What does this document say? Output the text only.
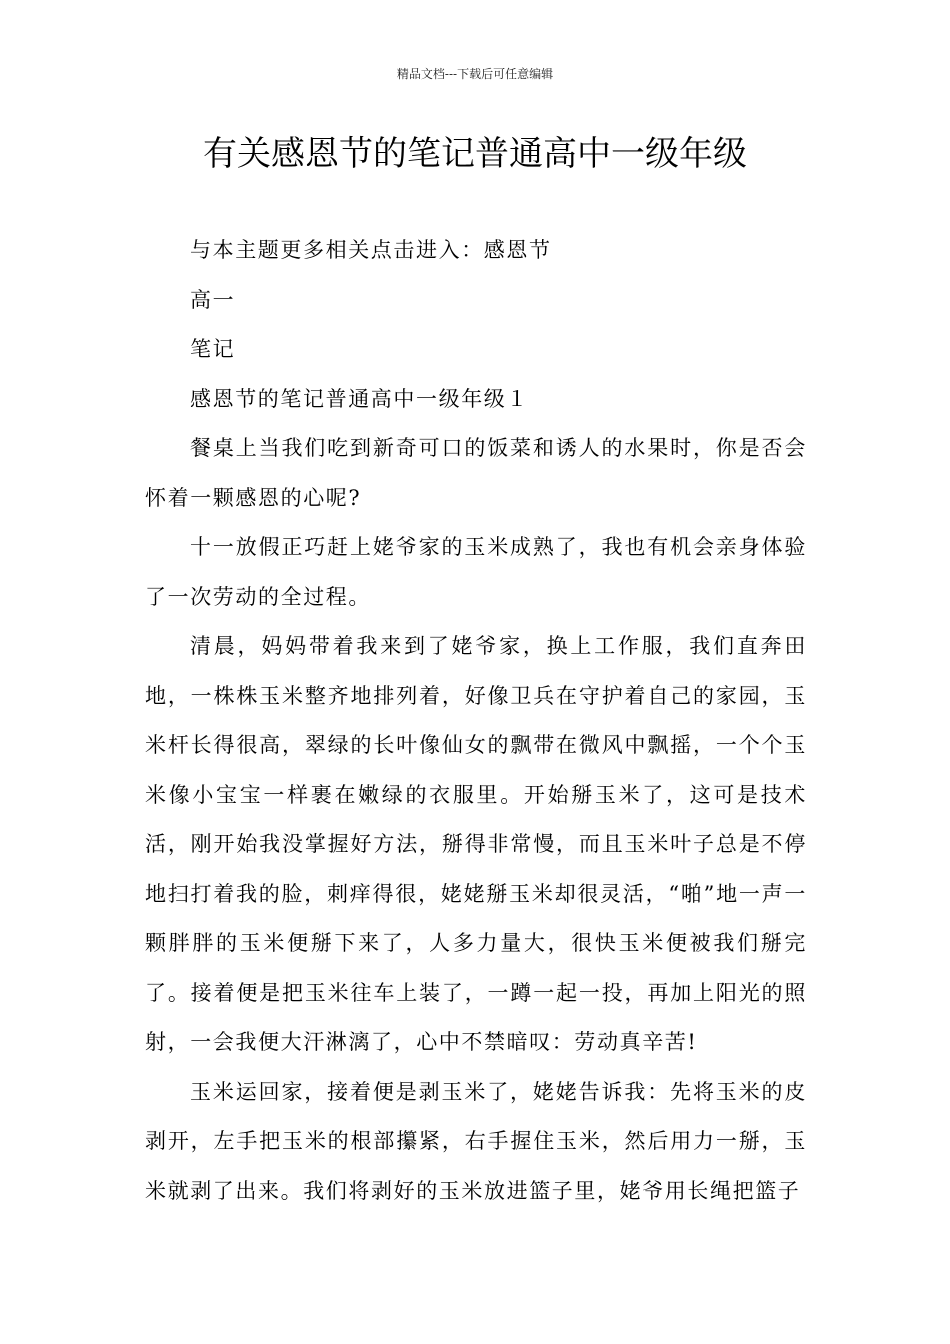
精品文档---下载后可任意编辑
有关感恩节的笔记普通高中一级年级

与本主题更多相关点击进入：感恩节

高一

笔记

感恩节的笔记普通高中一级年级１

餐桌上当我们吃到新奇可口的饭菜和诱人的水果时，你是否会怀着一颗感恩的心呢?

十一放假正巧赶上姥爷家的玉米成熟了，我也有机会亲身体验了一次劳动的全过程。

清晨，妈妈带着我来到了姥爷家，换上工作服，我们直奔田地，一株株玉米整齐地排列着，好像卫兵在守护着自己的家园，玉米杆长得很高，翠绿的长叶像仙女的飘带在微风中飘摇，一个个玉米像小宝宝一样裹在嫩绿的衣服里。开始掰玉米了，这可是技术活，刚开始我没掌握好方法，掰得非常慢，而且玉米叶子总是不停地扫打着我的脸，刺痒得很，姥姥掰玉米却很灵活，“啪”地一声一颗胖胖的玉米便掰下来了，人多力量大，很快玉米便被我们掰完了。接着便是把玉米往车上装了，一蹲一起一投，再加上阳光的照射，一会我便大汗淋漓了，心中不禁暗叹：劳动真辛苦!

玉米运回家，接着便是剥玉米了，姥姥告诉我：先将玉米的皮剥开，左手把玉米的根部攥紧，右手握住玉米，然后用力一掰，玉米就剥了出来。我们将剥好的玉米放进篮子里，姥爷用长绳把篮子
